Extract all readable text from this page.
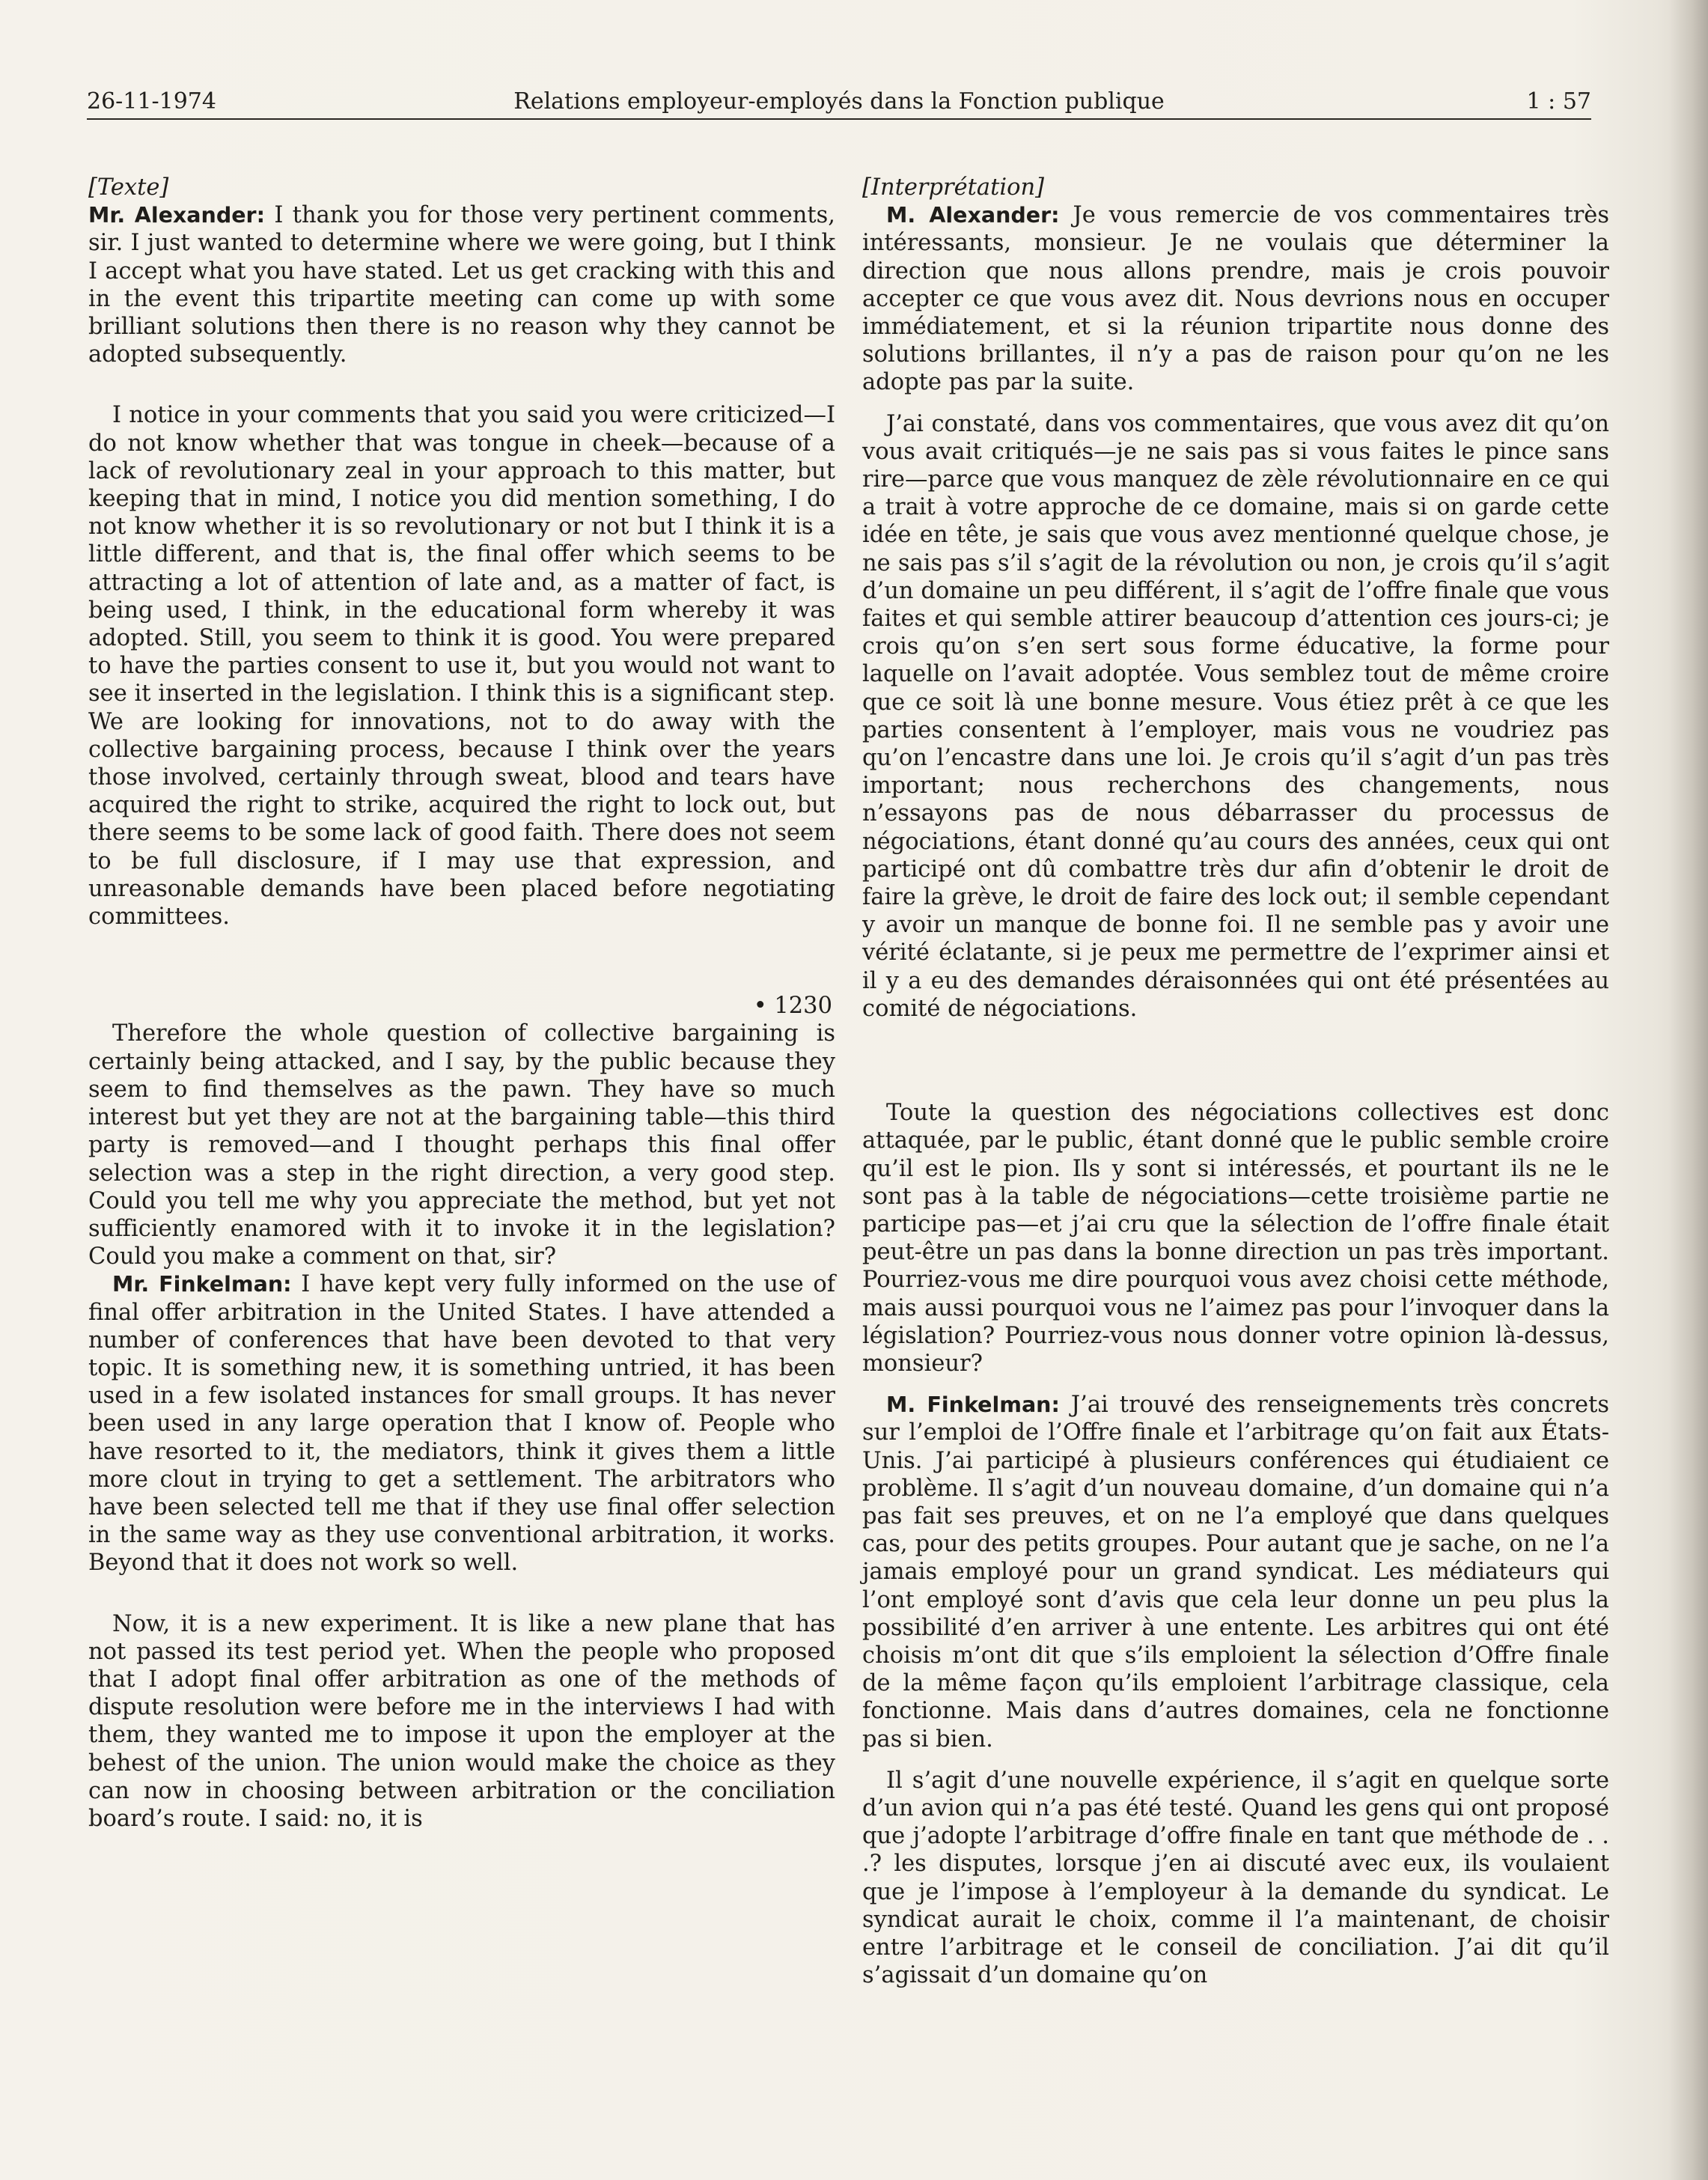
26-11-1974	Relations employeur-employés dans la Fonction publique	1 : 57

[Texte]

Mr. Alexander: I thank you for those very pertinent comments, sir. I just wanted to determine where we were going, but I think I accept what you have stated. Let us get cracking with this and in the event this tripartite meeting can come up with some brilliant solutions then there is no reason why they cannot be adopted subsequently.

I notice in your comments that you said you were criticized—I do not know whether that was tongue in cheek—because of a lack of revolutionary zeal in your approach to this matter, but keeping that in mind, I notice you did mention something, I do not know whether it is so revolutionary or not but I think it is a little different, and that is, the final offer which seems to be attracting a lot of attention of late and, as a matter of fact, is being used, I think, in the educational form whereby it was adopted. Still, you seem to think it is good. You were prepared to have the parties consent to use it, but you would not want to see it inserted in the legislation. I think this is a significant step. We are looking for innovations, not to do away with the collective bargaining process, because I think over the years those involved, certainly through sweat, blood and tears have acquired the right to strike, acquired the right to lock out, but there seems to be some lack of good faith. There does not seem to be full disclosure, if I may use that expression, and unreasonable demands have been placed before negotiating committees.

• 1230

Therefore the whole question of collective bargaining is certainly being attacked, and I say, by the public because they seem to find themselves as the pawn. They have so much interest but yet they are not at the bargaining table—this third party is removed—and I thought perhaps this final offer selection was a step in the right direction, a very good step. Could you tell me why you appreciate the method, but yet not sufficiently enamored with it to invoke it in the legislation? Could you make a comment on that, sir?

Mr. Finkelman: I have kept very fully informed on the use of final offer arbitration in the United States. I have attended a number of conferences that have been devoted to that very topic. It is something new, it is something untried, it has been used in a few isolated instances for small groups. It has never been used in any large operation that I know of. People who have resorted to it, the mediators, think it gives them a little more clout in trying to get a settlement. The arbitrators who have been selected tell me that if they use final offer selection in the same way as they use conventional arbitration, it works. Beyond that it does not work so well.

Now, it is a new experiment. It is like a new plane that has not passed its test period yet. When the people who proposed that I adopt final offer arbitration as one of the methods of dispute resolution were before me in the interviews I had with them, they wanted me to impose it upon the employer at the behest of the union. The union would make the choice as they can now in choosing between arbitration or the conciliation board’s route. I said: no, it is

[Interprétation]

M. Alexander: Je vous remercie de vos commentaires très intéressants, monsieur. Je ne voulais que déterminer la direction que nous allons prendre, mais je crois pouvoir accepter ce que vous avez dit. Nous devrions nous en occuper immédiatement, et si la réunion tripartite nous donne des solutions brillantes, il n’y a pas de raison pour qu’on ne les adopte pas par la suite.

J’ai constaté, dans vos commentaires, que vous avez dit qu’on vous avait critiqués—je ne sais pas si vous faites le pince sans rire—parce que vous manquez de zèle révolutionnaire en ce qui a trait à votre approche de ce domaine, mais si on garde cette idée en tête, je sais que vous avez mentionné quelque chose, je ne sais pas s’il s’agit de la révolution ou non, je crois qu’il s’agit d’un domaine un peu différent, il s’agit de l’offre finale que vous faites et qui semble attirer beaucoup d’attention ces jours-ci; je crois qu’on s’en sert sous forme éducative, la forme pour laquelle on l’avait adoptée. Vous semblez tout de même croire que ce soit là une bonne mesure. Vous étiez prêt à ce que les parties consentent à l’employer, mais vous ne voudriez pas qu’on l’encastre dans une loi. Je crois qu’il s’agit d’un pas très important; nous recherchons des changements, nous n’essayons pas de nous débarrasser du processus de négociations, étant donné qu’au cours des années, ceux qui ont participé ont dû combattre très dur afin d’obtenir le droit de faire la grève, le droit de faire des lock out; il semble cependant y avoir un manque de bonne foi. Il ne semble pas y avoir une vérité éclatante, si je peux me permettre de l’exprimer ainsi et il y a eu des demandes déraisonnées qui ont été présentées au comité de négociations.

Toute la question des négociations collectives est donc attaquée, par le public, étant donné que le public semble croire qu’il est le pion. Ils y sont si intéressés, et pourtant ils ne le sont pas à la table de négociations—cette troisième partie ne participe pas—et j’ai cru que la sélection de l’offre finale était peut-être un pas dans la bonne direction un pas très important. Pourriez-vous me dire pourquoi vous avez choisi cette méthode, mais aussi pourquoi vous ne l’aimez pas pour l’invoquer dans la législation? Pourriez-vous nous donner votre opinion là-dessus, monsieur?

M. Finkelman: J’ai trouvé des renseignements très concrets sur l’emploi de l’Offre finale et l’arbitrage qu’on fait aux États-Unis. J’ai participé à plusieurs conférences qui étudiaient ce problème. Il s’agit d’un nouveau domaine, d’un domaine qui n’a pas fait ses preuves, et on ne l’a employé que dans quelques cas, pour des petits groupes. Pour autant que je sache, on ne l’a jamais employé pour un grand syndicat. Les médiateurs qui l’ont employé sont d’avis que cela leur donne un peu plus la possibilité d’en arriver à une entente. Les arbitres qui ont été choisis m’ont dit que s’ils emploient la sélection d’Offre finale de la même façon qu’ils emploient l’arbitrage classique, cela fonctionne. Mais dans d’autres domaines, cela ne fonctionne pas si bien.

Il s’agit d’une nouvelle expérience, il s’agit en quelque sorte d’un avion qui n’a pas été testé. Quand les gens qui ont proposé que j’adopte l’arbitrage d’offre finale en tant que méthode de . . .? les disputes, lorsque j’en ai discuté avec eux, ils voulaient que je l’impose à l’employeur à la demande du syndicat. Le syndicat aurait le choix, comme il l’a maintenant, de choisir entre l’arbitrage et le conseil de conciliation. J’ai dit qu’il s’agissait d’un domaine qu’on
